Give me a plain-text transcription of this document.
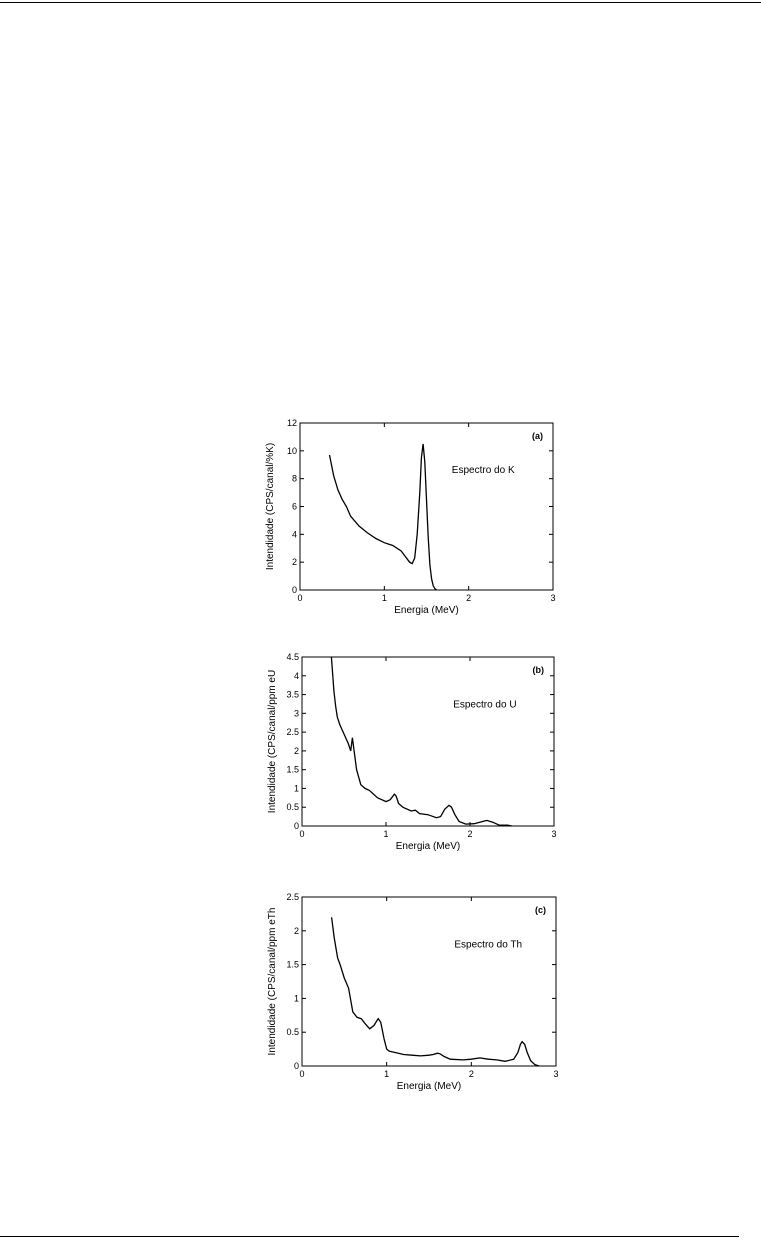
0	1	2	3
0
2
4
6
8
10
12
Energia (MeV)
Intendidade (CPS/canal/%K)
(a)
Espectro do K
0	1	2	3
0
0.5
1
1.5
2
2.5
3
3.5
4
4.5
Energia (MeV)
Intendidade (CPS/canal/ppm eU	(b)
Espectro do U
0	1	2	3
0
0.5
1
1.5
2
2.5
Energia (MeV)
Intendidade (CPS/canal/ppm eTh	(c)
Espectro do Th
